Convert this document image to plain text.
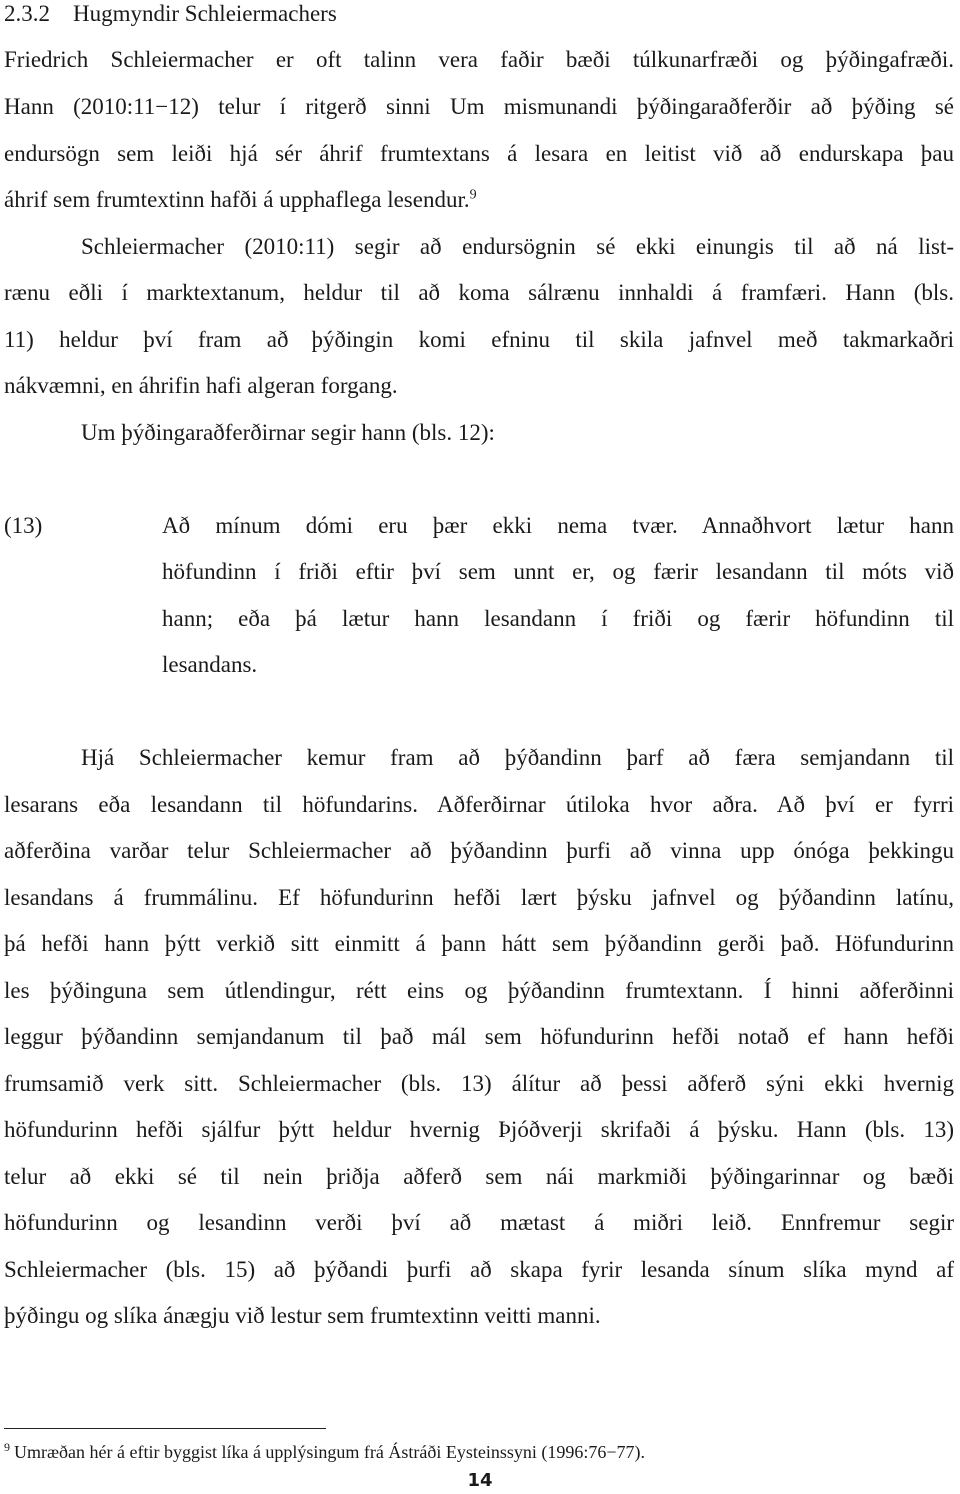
2.3.2 Hugmyndir Schleiermachers
Friedrich Schleiermacher er oft talinn vera faðir bæði túlkunarfræði og þýðingafræði.
Hann (2010:11−12) telur í ritgerð sinni Um mismunandi þýðingaraðferðir að þýðing sé
endursögn sem leiði hjá sér áhrif frumtextans á lesara en leitist við að endurskapa þau
áhrif sem frumtextinn hafði á upphaflega lesendur.$^9$
Schleiermacher (2010:11) segir að endursögnin sé ekki einungis til að ná list-
rænu eðli í marktextanum, heldur til að koma sálrænu innhaldi á framfæri. Hann (bls.
11) heldur því fram að þýðingin komi efninu til skila jafnvel með takmarkaðri
nákvæmni, en áhrifin hafi algeran forgang.
Um þýðingaraðferðirnar segir hann (bls. 12):
(13)	Að mínum dómi eru þær ekki nema tvær. Annaðhvort lætur hann
höfundinn í friði eftir því sem unnt er, og færir lesandann til móts við
hann; eða þá lætur hann lesandann í friði og færir höfundinn til
lesandans.
Hjá Schleiermacher kemur fram að þýðandinn þarf að færa semjandann til
lesarans eða lesandann til höfundarins. Aðferðirnar útiloka hvor aðra. Að því er fyrri
aðferðina varðar telur Schleiermacher að þýðandinn þurfi að vinna upp ónóga þekkingu
lesandans á frummálinu. Ef höfundurinn hefði lært þýsku jafnvel og þýðandinn latínu,
þá hefði hann þýtt verkið sitt einmitt á þann hátt sem þýðandinn gerði það. Höfundurinn
les þýðinguna sem útlendingur, rétt eins og þýðandinn frumtextann. Í hinni aðferðinni
leggur þýðandinn semjandanum til það mál sem höfundurinn hefði notað ef hann hefði
frumsamið verk sitt. Schleiermacher (bls. 13) álítur að þessi aðferð sýni ekki hvernig
höfundurinn hefði sjálfur þýtt heldur hvernig Þjóðverji skrifaði á þýsku. Hann (bls. 13)
telur að ekki sé til nein þriðja aðferð sem nái markmiði þýðingarinnar og bæði
höfundurinn og lesandinn verði því að mætast á miðri leið. Ennfremur segir
Schleiermacher (bls. 15) að þýðandi þurfi að skapa fyrir lesanda sínum slíka mynd af
þýðingu og slíka ánægju við lestur sem frumtextinn veitti manni.
$^9$ Umræðan hér á eftir byggist líka á upplýsingum frá Ástráði Eysteinssyni (1996:76−77).
14
